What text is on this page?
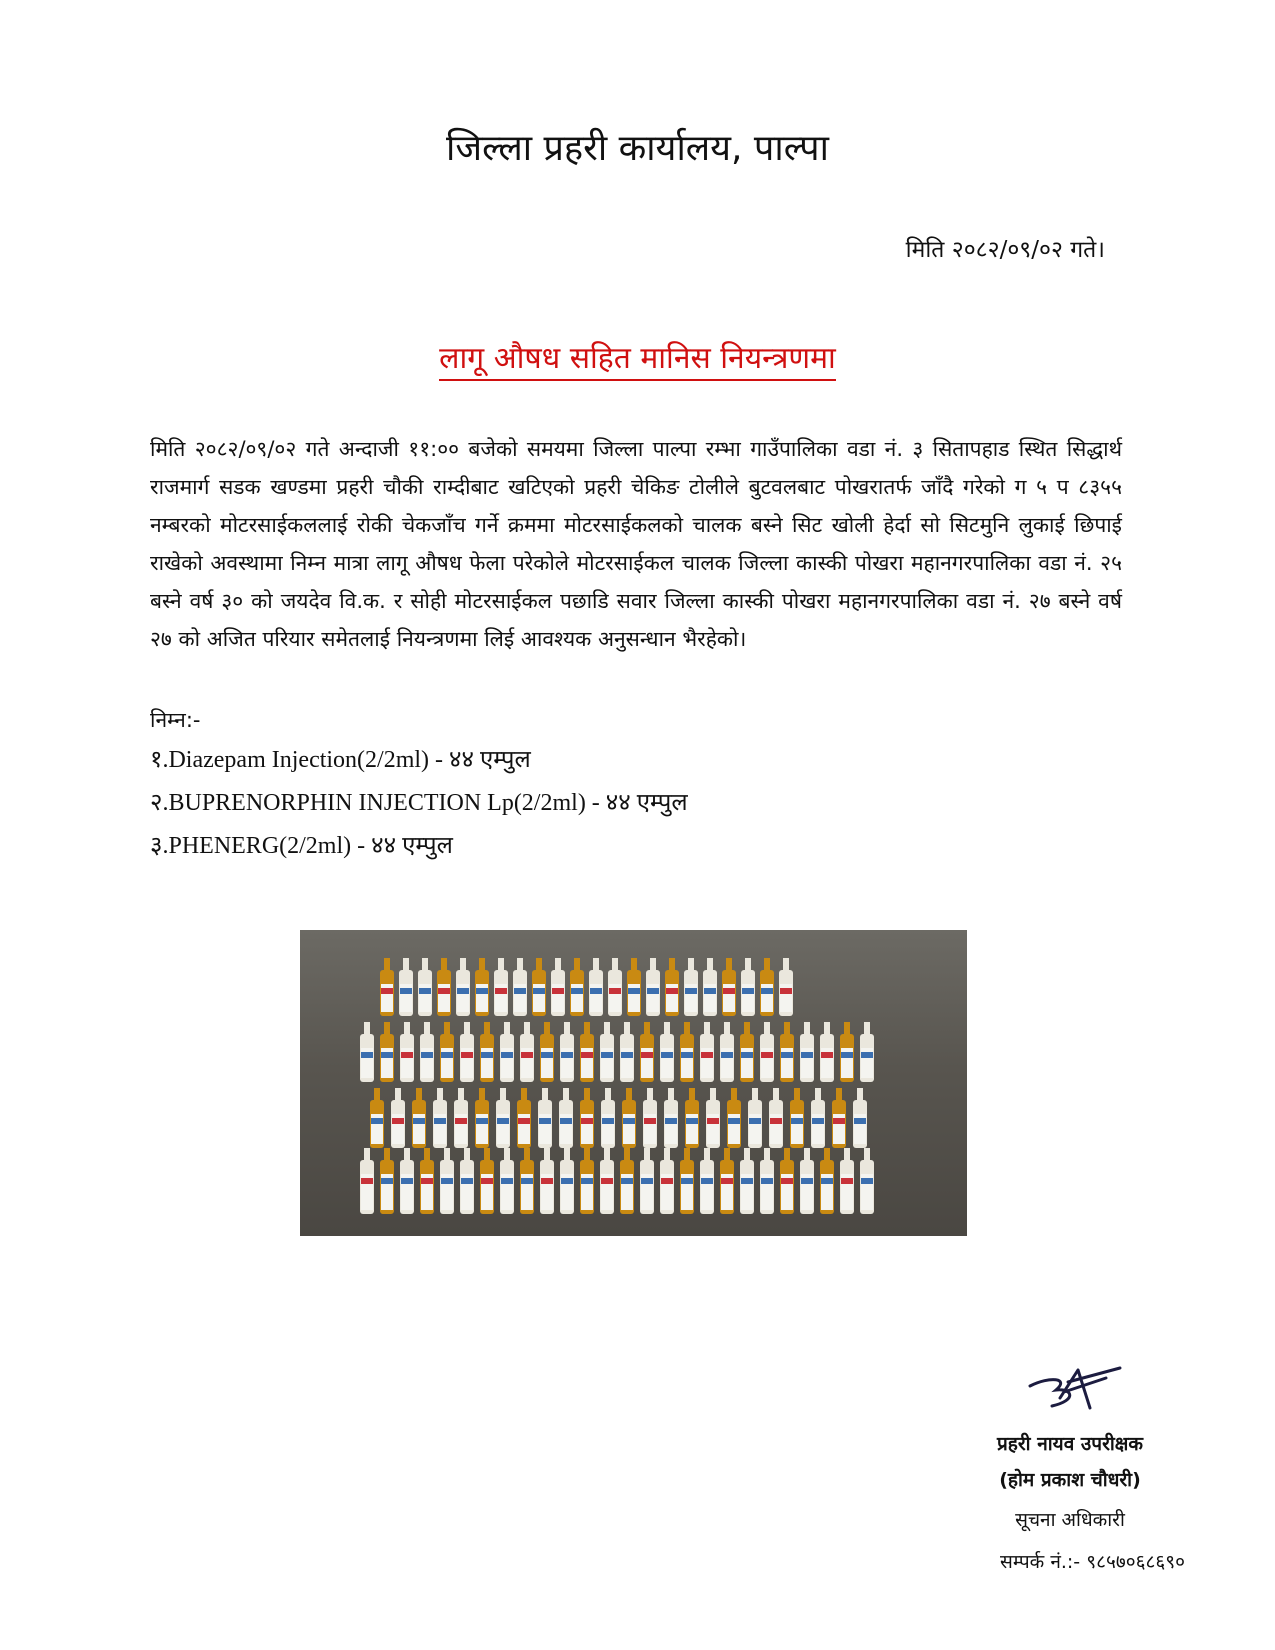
जिल्ला प्रहरी कार्यालय, पाल्पा
मिति २०८२/०९/०२ गते।
लागू औषध सहित मानिस नियन्त्रणमा
मिति २०८२/०९/०२ गते अन्दाजी ११:०० बजेको समयमा जिल्ला पाल्पा रम्भा गाउँपालिका वडा नं. ३ सितापहाड स्थित सिद्धार्थ राजमार्ग सडक खण्डमा प्रहरी चौकी राम्दीबाट खटिएको प्रहरी चेकिङ टोलीले बुटवलबाट पोखरातर्फ जाँदै गरेको ग ५ प ८३५५ नम्बरको मोटरसाईकललाई रोकी चेकजाँच गर्ने क्रममा मोटरसाईकलको चालक बस्ने सिट खोली हेर्दा सो सिटमुनि लुकाई छिपाई राखेको अवस्थामा निम्न मात्रा लागू औषध फेला परेकोले मोटरसाईकल चालक जिल्ला कास्की पोखरा महानगरपालिका वडा नं. २५ बस्ने वर्ष ३० को जयदेव वि.क. र सोही मोटरसाईकल पछाडि सवार जिल्ला कास्की पोखरा महानगरपालिका वडा नं. २७ बस्ने वर्ष २७ को अजित परियार समेतलाई नियन्त्रणमा लिई आवश्यक अनुसन्धान भैरहेको।
निम्न:-
१.Diazepam Injection(2/2ml) - ४४ एम्पुल
२.BUPRENORPHIN INJECTION Lp(2/2ml) - ४४ एम्पुल
३.PHENERG(2/2ml) - ४४ एम्पुल
प्रहरी नायव उपरीक्षक
(होम प्रकाश चौधरी)
सूचना अधिकारी
सम्पर्क नं.:- ९८५७०६८६९०
